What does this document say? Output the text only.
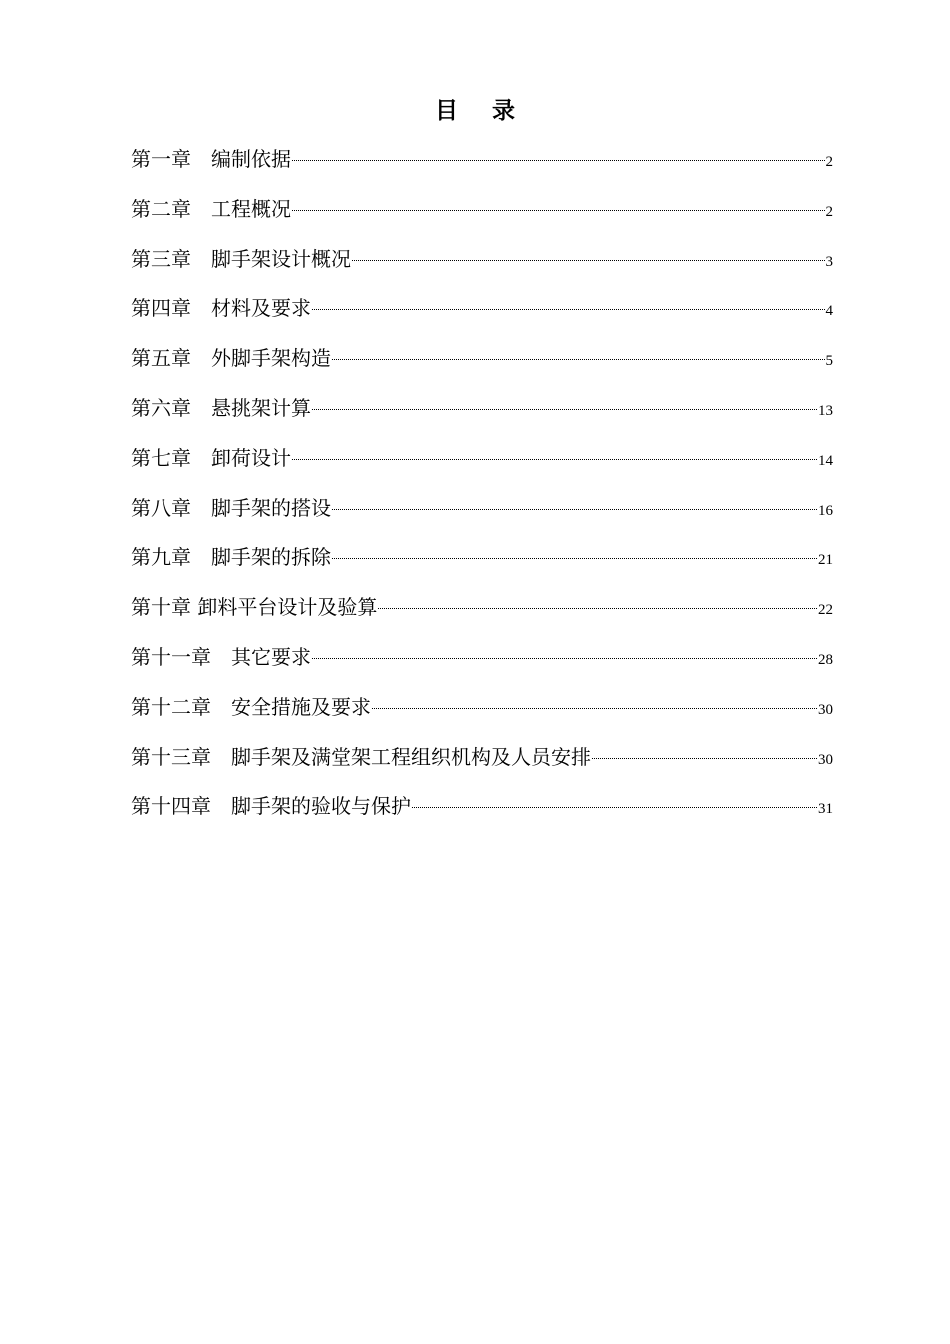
目 录
第一章　 编制依据	2
第二章　 工程概况	2
第三章　 脚手架设计概况	3
第四章　 材料及要求	4
第五章　 外脚手架构造	5
第六章　 悬挑架计算	13
第七章　 卸荷设计	14
第八章　 脚手架的搭设	16
第九章　 脚手架的拆除	21
第十章 卸料平台设计及验算	22
第十一章　 其它要求	28
第十二章　 安全措施及要求	30
第十三章　 脚手架及满堂架工程组织机构及人员安排	30
第十四章　 脚手架的验收与保护	31
